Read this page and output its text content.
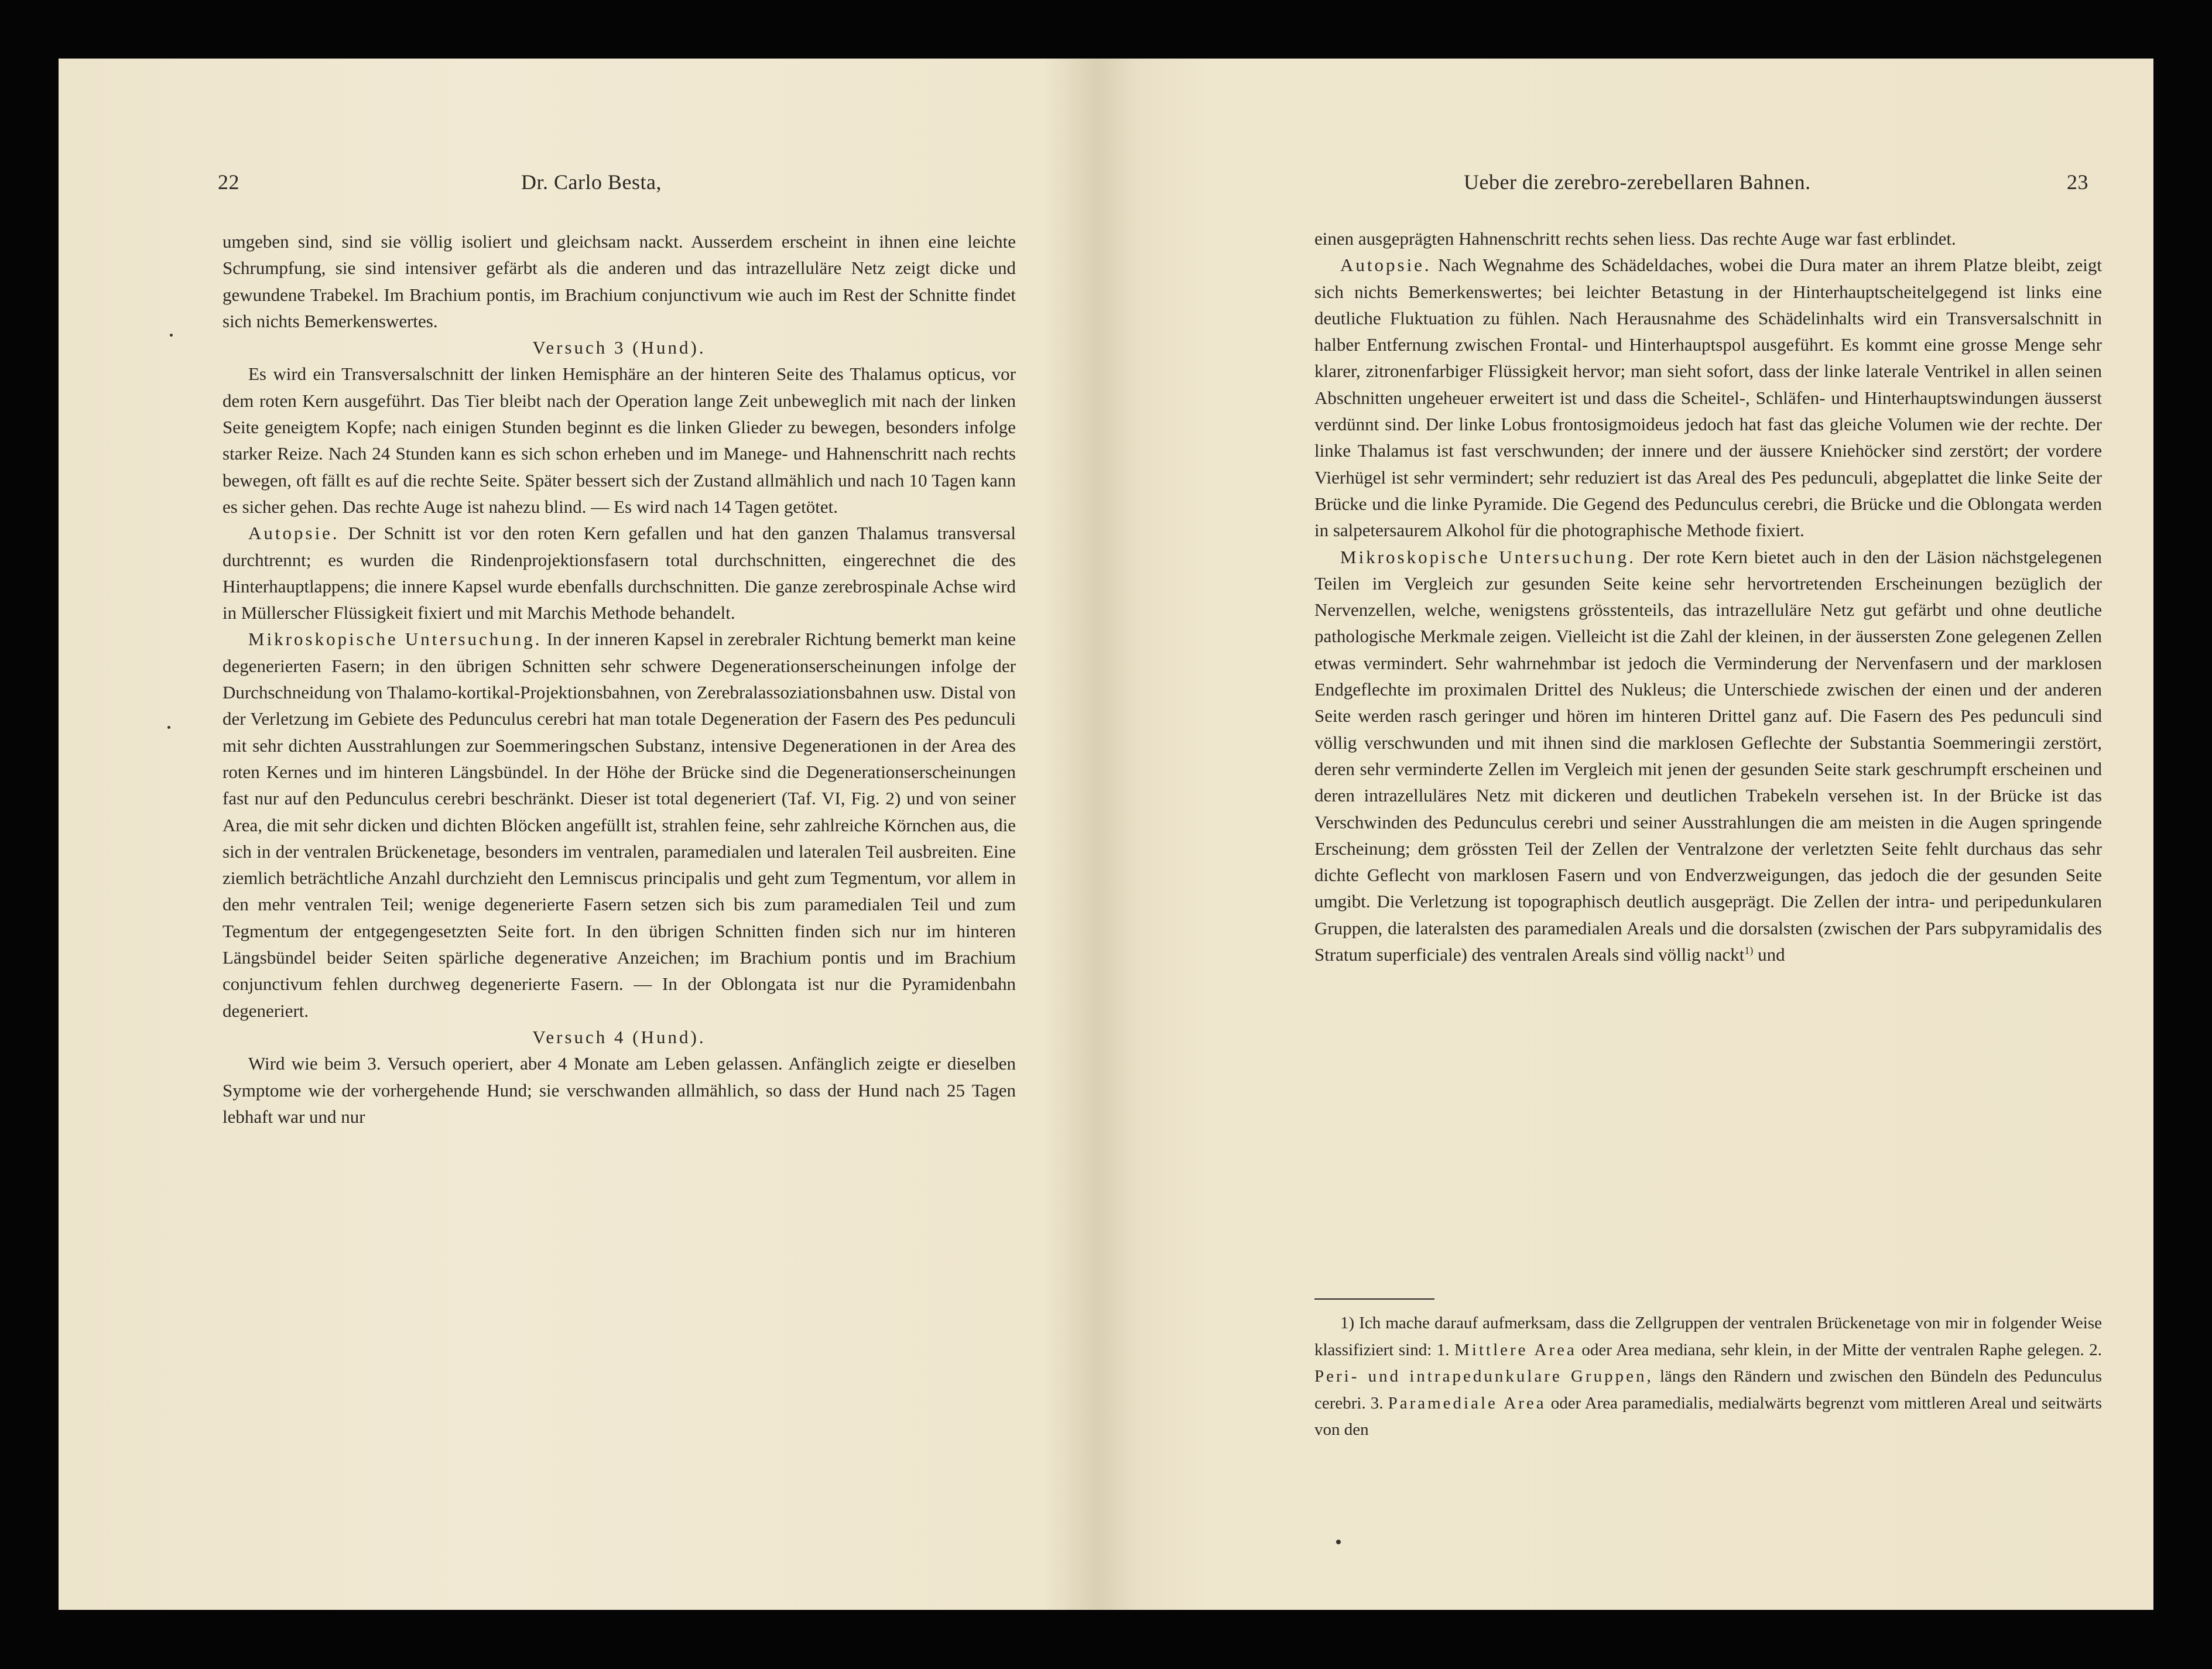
22	Dr. Carlo Besta,

umgeben sind, sind sie völlig isoliert und gleichsam nackt. Ausserdem erscheint in ihnen eine leichte Schrumpfung, sie sind intensiver gefärbt als die anderen und das intrazelluläre Netz zeigt dicke und gewundene Trabekel. Im Brachium pontis, im Brachium conjunctivum wie auch im Rest der Schnitte findet sich nichts Bemerkenswertes.

Versuch 3 (Hund).

Es wird ein Transversalschnitt der linken Hemisphäre an der hinteren Seite des Thalamus opticus, vor dem roten Kern ausgeführt. Das Tier bleibt nach der Operation lange Zeit unbeweglich mit nach der linken Seite geneigtem Kopfe; nach einigen Stunden beginnt es die linken Glieder zu bewegen, besonders infolge starker Reize. Nach 24 Stunden kann es sich schon erheben und im Manege- und Hahnenschritt nach rechts bewegen, oft fällt es auf die rechte Seite. Später bessert sich der Zustand allmählich und nach 10 Tagen kann es sicher gehen. Das rechte Auge ist nahezu blind. — Es wird nach 14 Tagen getötet.

Autopsie. Der Schnitt ist vor den roten Kern gefallen und hat den ganzen Thalamus transversal durchtrennt; es wurden die Rindenprojektionsfasern total durchschnitten, eingerechnet die des Hinterhauptlappens; die innere Kapsel wurde ebenfalls durchschnitten. Die ganze zerebrospinale Achse wird in Müllerscher Flüssigkeit fixiert und mit Marchis Methode behandelt.

Mikroskopische Untersuchung. In der inneren Kapsel in zerebraler Richtung bemerkt man keine degenerierten Fasern; in den übrigen Schnitten sehr schwere Degenerationserscheinungen infolge der Durchschneidung von Thalamo-kortikal-Projektionsbahnen, von Zerebralassoziationsbahnen usw. Distal von der Verletzung im Gebiete des Pedunculus cerebri hat man totale Degeneration der Fasern des Pes pedunculi mit sehr dichten Ausstrahlungen zur Soemmeringschen Substanz, intensive Degenerationen in der Area des roten Kernes und im hinteren Längsbündel. In der Höhe der Brücke sind die Degenerationserscheinungen fast nur auf den Pedunculus cerebri beschränkt. Dieser ist total degeneriert (Taf. VI, Fig. 2) und von seiner Area, die mit sehr dicken und dichten Blöcken angefüllt ist, strahlen feine, sehr zahlreiche Körnchen aus, die sich in der ventralen Brückenetage, besonders im ventralen, paramedialen und lateralen Teil ausbreiten. Eine ziemlich beträchtliche Anzahl durchzieht den Lemniscus principalis und geht zum Tegmentum, vor allem in den mehr ventralen Teil; wenige degenerierte Fasern setzen sich bis zum paramedialen Teil und zum Tegmentum der entgegengesetzten Seite fort. In den übrigen Schnitten finden sich nur im hinteren Längsbündel beider Seiten spärliche degenerative Anzeichen; im Brachium pontis und im Brachium conjunctivum fehlen durchweg degenerierte Fasern. — In der Oblongata ist nur die Pyramidenbahn degeneriert.

Versuch 4 (Hund).

Wird wie beim 3. Versuch operiert, aber 4 Monate am Leben gelassen. Anfänglich zeigte er dieselben Symptome wie der vorhergehende Hund; sie verschwanden allmählich, so dass der Hund nach 25 Tagen lebhaft war und nur

Ueber die zerebro-zerebellaren Bahnen.	23

einen ausgeprägten Hahnenschritt rechts sehen liess. Das rechte Auge war fast erblindet.

Autopsie. Nach Wegnahme des Schädeldaches, wobei die Dura mater an ihrem Platze bleibt, zeigt sich nichts Bemerkenswertes; bei leichter Betastung in der Hinterhauptscheitelgegend ist links eine deutliche Fluktuation zu fühlen. Nach Herausnahme des Schädelinhalts wird ein Transversalschnitt in halber Entfernung zwischen Frontal- und Hinterhauptspol ausgeführt. Es kommt eine grosse Menge sehr klarer, zitronenfarbiger Flüssigkeit hervor; man sieht sofort, dass der linke laterale Ventrikel in allen seinen Abschnitten ungeheuer erweitert ist und dass die Scheitel-, Schläfen- und Hinterhauptswindungen äusserst verdünnt sind. Der linke Lobus frontosigmoideus jedoch hat fast das gleiche Volumen wie der rechte. Der linke Thalamus ist fast verschwunden; der innere und der äussere Kniehöcker sind zerstört; der vordere Vierhügel ist sehr vermindert; sehr reduziert ist das Areal des Pes pedunculi, abgeplattet die linke Seite der Brücke und die linke Pyramide. Die Gegend des Pedunculus cerebri, die Brücke und die Oblongata werden in salpetersaurem Alkohol für die photographische Methode fixiert.

Mikroskopische Untersuchung. Der rote Kern bietet auch in den der Läsion nächstgelegenen Teilen im Vergleich zur gesunden Seite keine sehr hervortretenden Erscheinungen bezüglich der Nervenzellen, welche, wenigstens grösstenteils, das intrazelluläre Netz gut gefärbt und ohne deutliche pathologische Merkmale zeigen. Vielleicht ist die Zahl der kleinen, in der äussersten Zone gelegenen Zellen etwas vermindert. Sehr wahrnehmbar ist jedoch die Verminderung der Nervenfasern und der marklosen Endgeflechte im proximalen Drittel des Nukleus; die Unterschiede zwischen der einen und der anderen Seite werden rasch geringer und hören im hinteren Drittel ganz auf. Die Fasern des Pes pedunculi sind völlig verschwunden und mit ihnen sind die marklosen Geflechte der Substantia Soemmeringii zerstört, deren sehr verminderte Zellen im Vergleich mit jenen der gesunden Seite stark geschrumpft erscheinen und deren intrazelluläres Netz mit dickeren und deutlichen Trabekeln versehen ist. In der Brücke ist das Verschwinden des Pedunculus cerebri und seiner Ausstrahlungen die am meisten in die Augen springende Erscheinung; dem grössten Teil der Zellen der Ventralzone der verletzten Seite fehlt durchaus das sehr dichte Geflecht von marklosen Fasern und von Endverzweigungen, das jedoch die der gesunden Seite umgibt. Die Verletzung ist topographisch deutlich ausgeprägt. Die Zellen der intra- und peripedunkularen Gruppen, die lateralsten des paramedialen Areals und die dorsalsten (zwischen der Pars subpyramidalis des Stratum superficiale) des ventralen Areals sind völlig nackt$^{1)}$ und

1) Ich mache darauf aufmerksam, dass die Zellgruppen der ventralen Brückenetage von mir in folgender Weise klassifiziert sind: 1. Mittlere Area oder Area mediana, sehr klein, in der Mitte der ventralen Raphe gelegen. 2. Peri- und intrapedunkulare Gruppen, längs den Rändern und zwischen den Bündeln des Pedunculus cerebri. 3. Paramediale Area oder Area paramedialis, medialwärts begrenzt vom mittleren Areal und seitwärts von den
